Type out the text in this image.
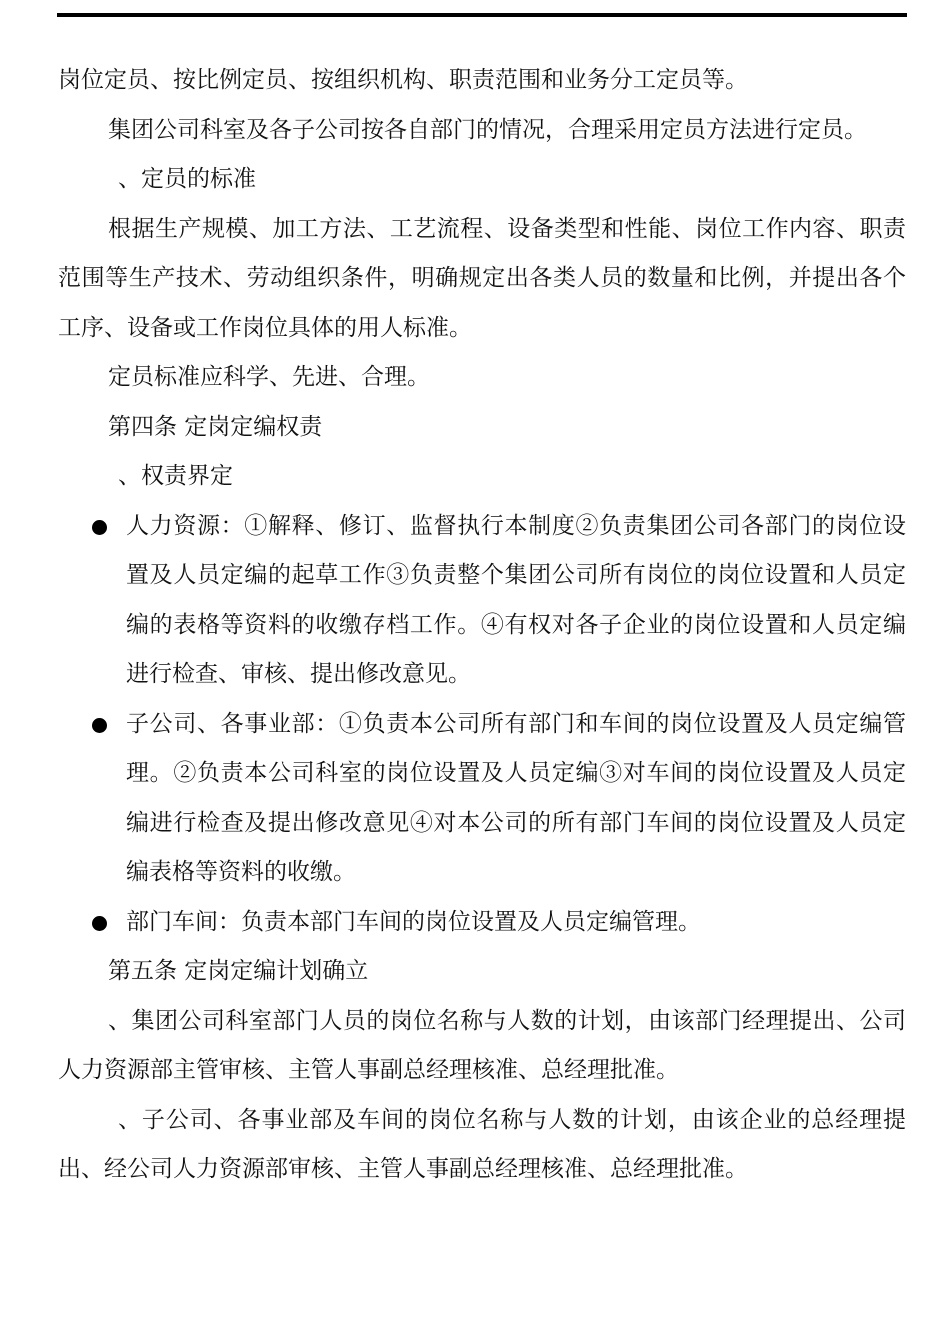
岗位定员、按比例定员、按组织机构、职责范围和业务分工定员等。

集团公司科室及各子公司按各自部门的情况，合理采用定员方法进行定员。

、定员的标准

根据生产规模、加工方法、工艺流程、设备类型和性能、岗位工作内容、职责范围等生产技术、劳动组织条件，明确规定出各类人员的数量和比例，并提出各个工序、设备或工作岗位具体的用人标准。

定员标准应科学、先进、合理。

第四条 定岗定编权责

、权责界定

人力资源：①解释、修订、监督执行本制度②负责集团公司各部门的岗位设置及人员定编的起草工作③负责整个集团公司所有岗位的岗位设置和人员定编的表格等资料的收缴存档工作。④有权对各子企业的岗位设置和人员定编进行检查、审核、提出修改意见。
子公司、各事业部：①负责本公司所有部门和车间的岗位设置及人员定编管理。②负责本公司科室的岗位设置及人员定编③对车间的岗位设置及人员定编进行检查及提出修改意见④对本公司的所有部门车间的岗位设置及人员定编表格等资料的收缴。
部门车间：负责本部门车间的岗位设置及人员定编管理。

第五条 定岗定编计划确立

、集团公司科室部门人员的岗位名称与人数的计划，由该部门经理提出、公司人力资源部主管审核、主管人事副总经理核准、总经理批准。

、子公司、各事业部及车间的岗位名称与人数的计划，由该企业的总经理提出、经公司人力资源部审核、主管人事副总经理核准、总经理批准。
